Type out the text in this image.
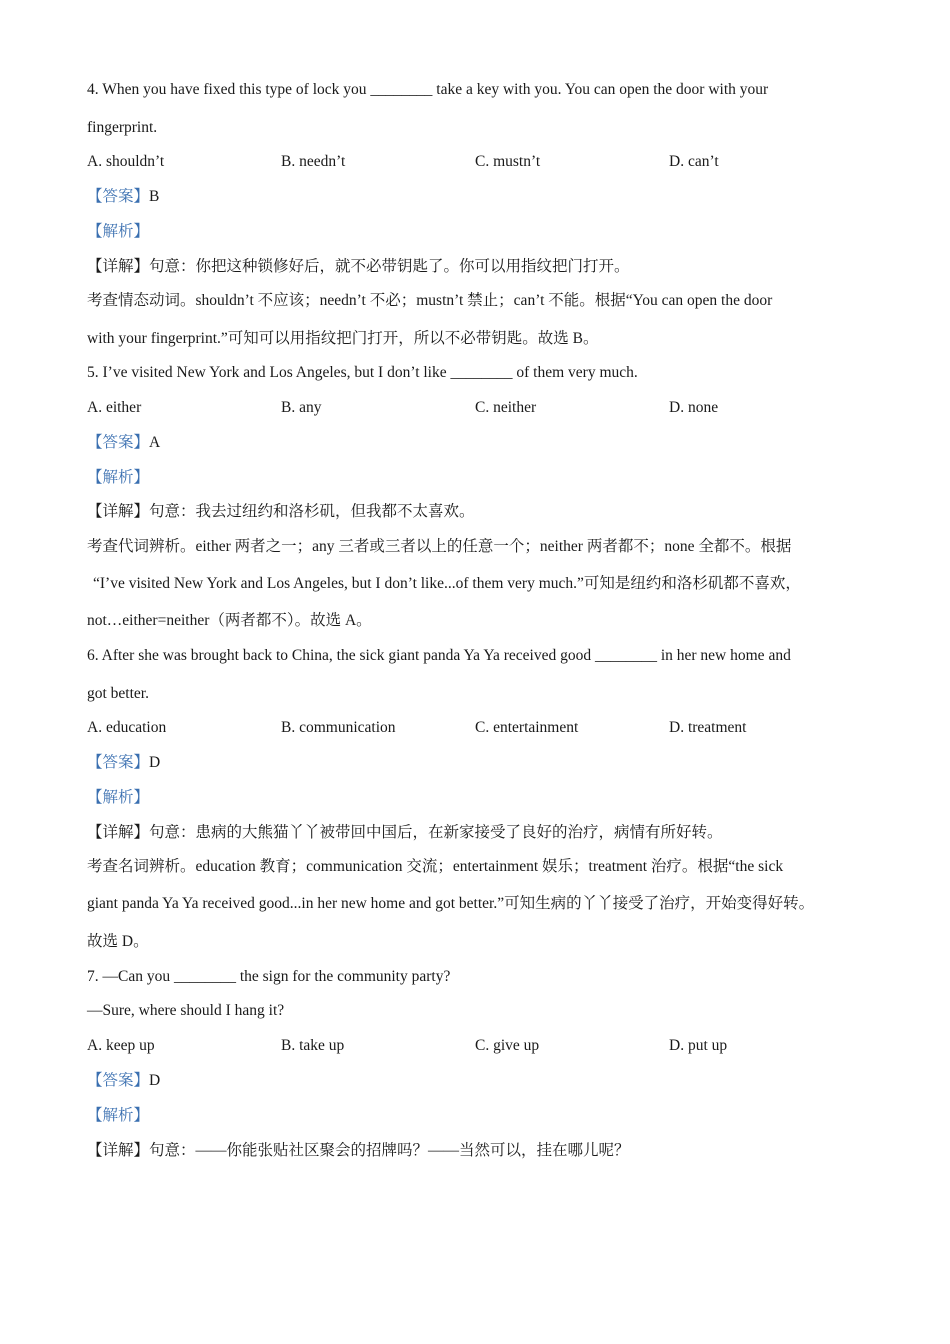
4. When you have fixed this type of lock you ________ take a key with you. You can open the door with your
fingerprint.
A. shouldn’t	B. needn’t	C. mustn’t	D. can’t
【答案】B
【解析】
【详解】句意：你把这种锁修好后，就不必带钥匙了。你可以用指纹把门打开。
考查情态动词。shouldn’t 不应该；needn’t 不必；mustn’t 禁止；can’t 不能。根据“You can open the door
with your fingerprint.”可知可以用指纹把门打开，所以不必带钥匙。故选 B。
5. I’ve visited New York and Los Angeles, but I don’t like ________ of them very much.
A. either	B. any	C. neither	D. none
【答案】A
【解析】
【详解】句意：我去过纽约和洛杉矶，但我都不太喜欢。
考查代词辨析。either 两者之一；any 三者或三者以上的任意一个；neither 两者都不；none 全都不。根据
“I’ve visited New York and Los Angeles, but I don’t like...of them very much.”可知是纽约和洛杉矶都不喜欢，
not…either=neither（两者都不）。故选 A。
6. After she was brought back to China, the sick giant panda Ya Ya received good ________ in her new home and
got better.
A. education	B. communication	C. entertainment	D. treatment
【答案】D
【解析】
【详解】句意：患病的大熊猫丫丫被带回中国后，在新家接受了良好的治疗，病情有所好转。
考查名词辨析。education 教育；communication 交流；entertainment 娱乐；treatment 治疗。根据“the sick
giant panda Ya Ya received good...in her new home and got better.”可知生病的丫丫接受了治疗，开始变得好转。
故选 D。
7. —Can you ________ the sign for the community party?
—Sure, where should I hang it?
A. keep up	B. take up	C. give up	D. put up
【答案】D
【解析】
【详解】句意：——你能张贴社区聚会的招牌吗？——当然可以，挂在哪儿呢？
